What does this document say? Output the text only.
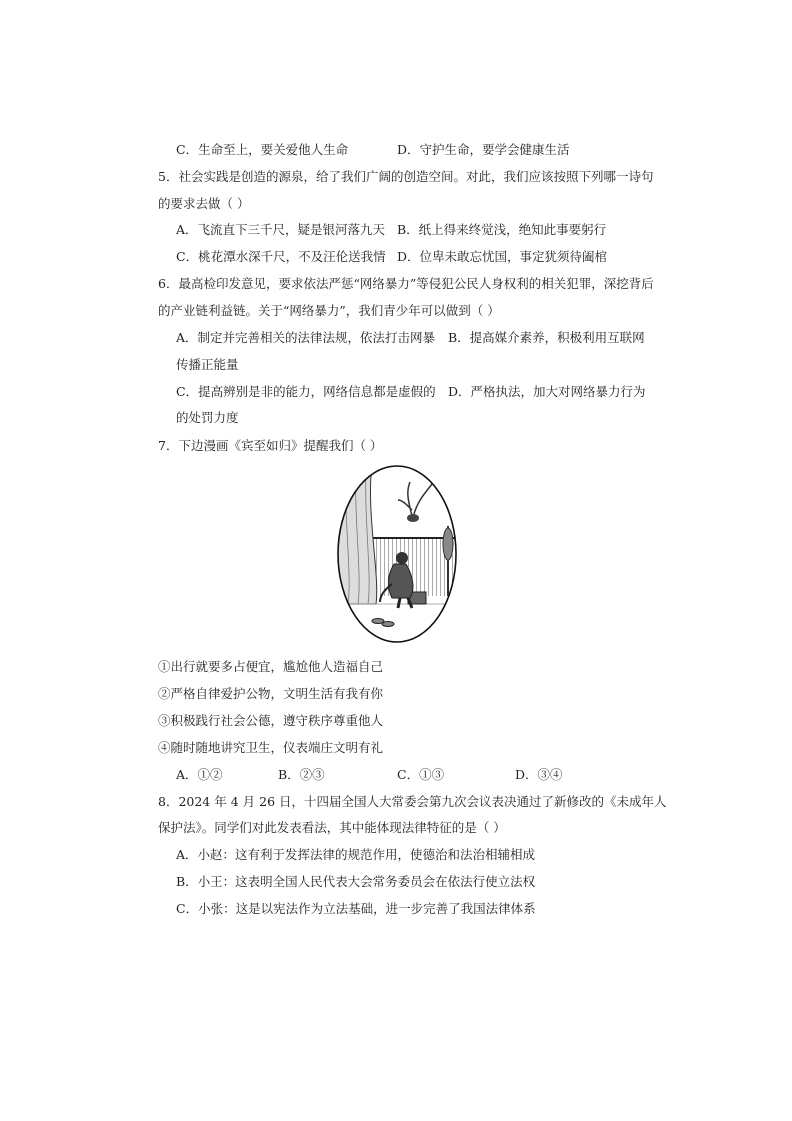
C．生命至上，要关爱他人生命	D．守护生命，要学会健康生活
5．社会实践是创造的源泉，给了我们广阔的创造空间。对此，我们应该按照下列哪一诗句
的要求去做（ ）
A．飞流直下三千尺，疑是银河落九天 B．纸上得来终觉浅，绝知此事要躬行
C．桃花潭水深千尺，不及汪伦送我情 D．位卑未敢忘忧国，事定犹须待阖棺
6．最高检印发意见，要求依法严惩“网络暴力”等侵犯公民人身权利的相关犯罪，深挖背后
的产业链利益链。关于“网络暴力”，我们青少年可以做到（ ）
A．制定并完善相关的法律法规，依法打击网暴 B．提高媒介素养，积极利用互联网
传播正能量
C．提高辨别是非的能力，网络信息都是虚假的 D．严格执法，加大对网络暴力行为
的处罚力度
7．下边漫画《宾至如归》提醒我们（ ）
①出行就要多占便宜，尴尬他人造福自己
②严格自律爱护公物，文明生活有我有你
③积极践行社会公德，遵守秩序尊重他人
④随时随地讲究卫生，仪表端庄文明有礼
A．①②	B．②③	C．①③	D．③④
8．2024 年 4 月 26 日，十四届全国人大常委会第九次会议表决通过了新修改的《未成年人
保护法》。同学们对此发表看法，其中能体现法律特征的是（ ）
A．小赵：这有利于发挥法律的规范作用，使德治和法治相辅相成
B．小王：这表明全国人民代表大会常务委员会在依法行使立法权
C．小张：这是以宪法作为立法基础，进一步完善了我国法律体系
